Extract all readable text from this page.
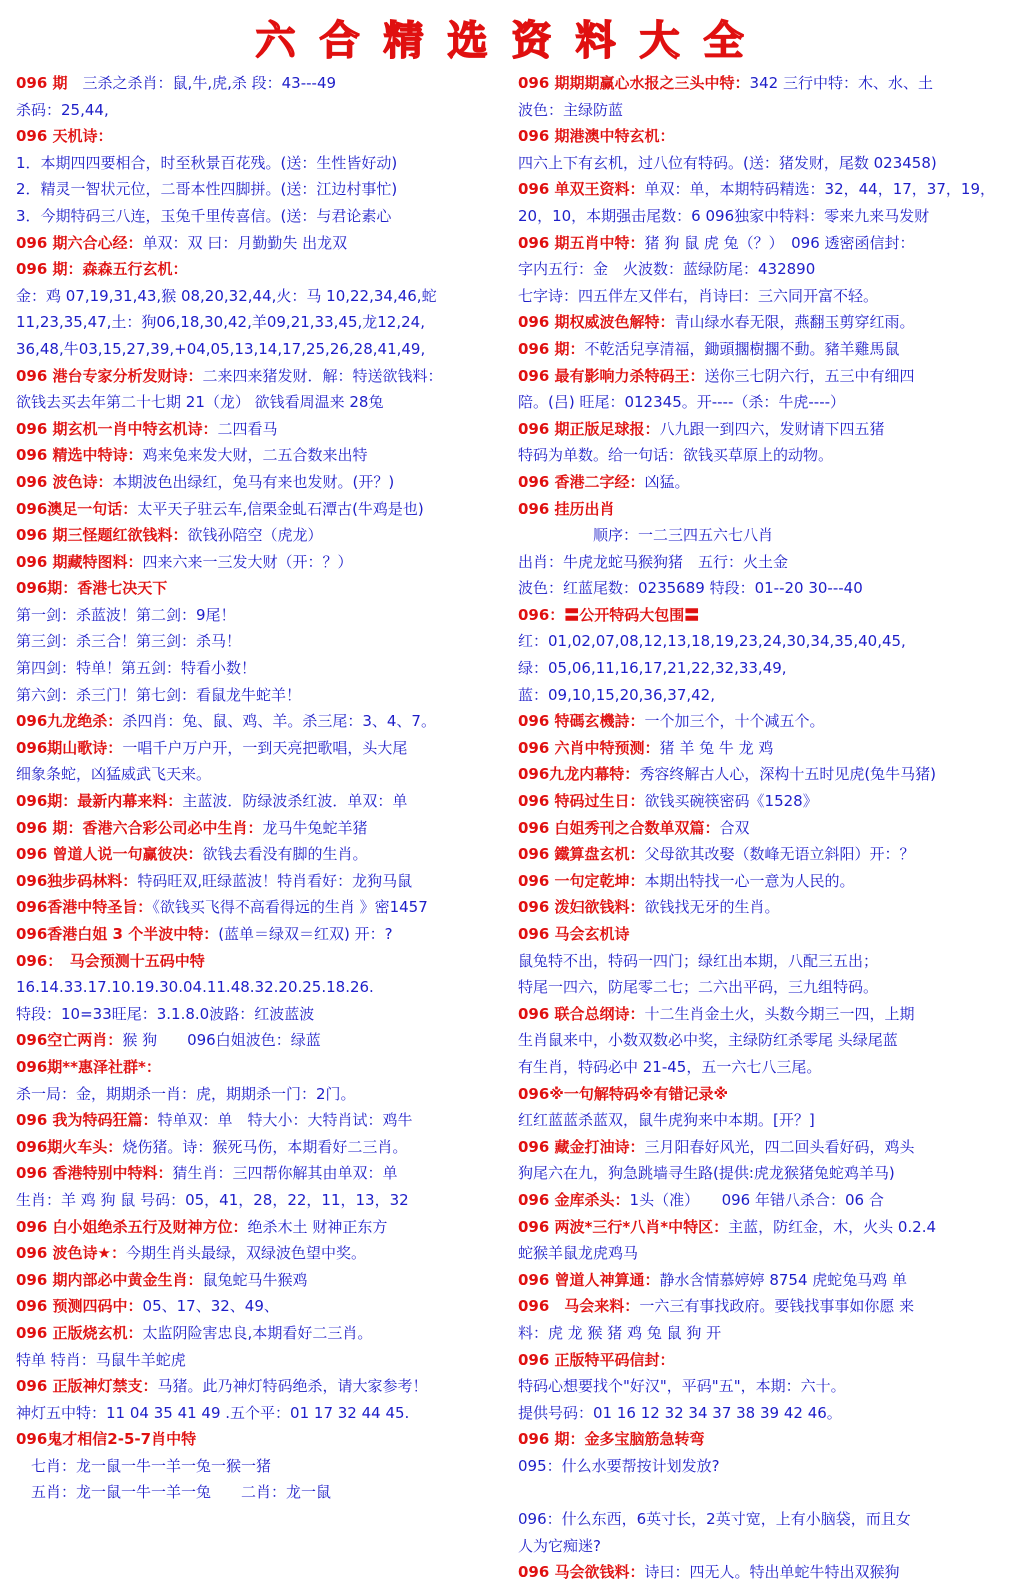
六合精选资料大全
096 期　三杀之杀肖：鼠,牛,虎,杀 段：43---49
杀码：25,44,
096 天机诗：
1．本期四四要相合，时至秋景百花残。(送：生性皆好动)
2．精灵一智状元位，二哥本性四脚拼。(送：江边村事忙)
3．今期特码三八连，玉兔千里传喜信。(送：与君论素心
096 期六合心经：单双：双 曰：月勤勤失 出龙双
096 期：森森五行玄机：
金：鸡 07,19,31,43,猴 08,20,32,44,火：马 10,22,34,46,蛇
11,23,35,47,土：狗06,18,30,42,羊09,21,33,45,龙12,24,
36,48,牛03,15,27,39,+04,05,13,14,17,25,26,28,41,49,
096 港台专家分析发财诗：二来四来猪发财．解：特送欲钱料：
欲钱去买去年第二十七期 21（龙） 欲钱看周温来 28兔
096 期玄机一肖中特玄机诗：二四看马
096 精选中特诗：鸡来兔来发大财，二五合数来出特
096 波色诗：本期波色出绿红，兔马有来也发财。(开？)
096澳足一句话：太平天子驻云车,信栗金虬石潭古(牛鸡是也)
096 期三怪题红欲钱料：欲钱孙陪空（虎龙）
096 期藏特图料：四来六来一三发大财（开：？）
096期：香港七决天下
第一剑：杀蓝波！第二剑：9尾！
第三剑：杀三合！第三剑：杀马！
第四剑：特单！第五剑：特看小数！
第六剑：杀三门！第七剑：看鼠龙牛蛇羊！
096九龙绝杀：杀四肖：兔、鼠、鸡、羊。杀三尾：3、4、7。
096期山歌诗：一唱千户万户开，一到天亮把歌唱，头大尾
细象条蛇，凶猛威武飞天来。
096期：最新内幕来料：主蓝波．防绿波杀红波．单双：单
096 期：香港六合彩公司必中生肖：龙马牛兔蛇羊猪
096 曾道人说一句赢彼决：欲钱去看没有脚的生肖。
096独步码林料：特码旺双,旺绿蓝波！特肖看好：龙狗马鼠
096香港中特圣旨：《欲钱买飞得不高看得远的生肖 》密1457
096香港白姐 3 个半波中特：(蓝单＝绿双＝红双) 开：?
096：　马会预测十五码中特
16.14.33.17.10.19.30.04.11.48.32.20.25.18.26.
特段：10=33旺尾：3.1.8.0波路：红波蓝波
096空亡两肖：猴 狗　　096白姐波色：绿蓝
096期**惠泽社群*：
杀一局：金，期期杀一肖：虎，期期杀一门：2门。
096 我为特码狂篇：特单双：单　特大小：大特肖试：鸡牛
096期火车头：烧伤猪。诗：猴死马伤，本期看好二三肖。
096 香港特别中特料：猜生肖：三四帮你解其由单双：单
生肖：羊 鸡 狗 鼠 号码：05，41，28，22，11，13，32
096 白小姐绝杀五行及财神方位：绝杀木土 财神正东方
096 波色诗★：今期生肖头最绿，双绿波色望中奖。
096 期内部必中黄金生肖：鼠兔蛇马牛猴鸡
096 预测四码中：05、17、32、49、
096 正版烧玄机：太监阴险害忠良,本期看好二三肖。
特单 特肖：马鼠牛羊蛇虎
096 正版神灯禁支：马猪。此乃神灯特码绝杀，请大家参考！
神灯五中特：11 04 35 41 49 .五个平：01 17 32 44 45.
096鬼才相信2-5-7肖中特
　七肖：龙一鼠一牛一羊一兔一猴一猪
　五肖：龙一鼠一牛一羊一兔　　二肖：龙一鼠
096 期期期赢心水报之三头中特：342 三行中特：木、水、土
波色：主绿防蓝
096 期港澳中特玄机：
四六上下有玄机，过八位有特码。(送：猪发财，尾数 023458)
096 单双王资料：单双：单，本期特码精选：32，44，17，37，19，
20，10，本期强击尾数：6 096独家中特料：零来九来马发财
096 期五肖中特：猪 狗 鼠 虎 兔（？）　096 透密函信封：
字内五行：金　火波数：蓝绿防尾：432890
七字诗：四五伴左又伴右，肖诗曰：三六同开富不轻。
096 期权威波色解特：青山绿水春无限，燕翻玉剪穿红雨。
096 期：不乾活兒享清福，鋤頭擱樹擱不動。豬羊雞馬鼠
096 最有影响力杀特码王：送你三七阴六行，五三中有细四
陪。(吕) 旺尾：012345。开----（杀：牛虎----）
096 期正版足球报：八九跟一到四六，发财请下四五猪
特码为单数。给一句话：欲钱买草原上的动物。
096 香港二字经：凶猛。
096 挂历出肖
　　　　　顺序：一二三四五六七八肖
出肖：牛虎龙蛇马猴狗猪　五行：火土金
波色：红蓝尾数：0235689 特段：01--20 30---40
096：〓公开特码大包围〓
红：01,02,07,08,12,13,18,19,23,24,30,34,35,40,45,
绿：05,06,11,16,17,21,22,32,33,49,
蓝：09,10,15,20,36,37,42,
096 特碼玄機詩：一个加三个，十个减五个。
096 六肖中特预测：猪 羊 兔 牛 龙 鸡
096九龙内幕特：秀容终解古人心，深构十五时见虎(兔牛马猪)
096 特码过生日：欲钱买碗筷密码《1528》
096 白姐秀刊之合数单双篇：合双
096 鐵算盘玄机：父母欲其改娶（数峰无语立斜阳）开：？
096 一句定乾坤：本期出特找一心一意为人民的。
096 泼妇欲钱料：欲钱找无牙的生肖。
096 马会玄机诗
鼠兔特不出，特码一四门；绿红出本期，八配三五出；
特尾一四六，防尾零二七；二六出平码，三九组特码。
096 联合总纲诗：十二生肖金土火，头数今期三一四，上期
生肖鼠来中，小数双数必中奖，主绿防红杀零尾 头绿尾蓝
有生肖，特码必中 21-45，五一六七八三尾。
096※一句解特码※有错记录※
红红蓝蓝杀蓝双，鼠牛虎狗来中本期。[开？]
096 藏金打油诗：三月阳春好风光，四二回头看好码，鸡头
狗尾六在九，狗急跳墙寻生路(提供:虎龙猴猪兔蛇鸡羊马)
096 金库杀头：1头（准）　　096 年错八杀合：06 合
096 两波*三行*八肖*中特区：主蓝，防红金，木，火头 0.2.4
蛇猴羊鼠龙虎鸡马
096 曾道人神算通：静水含情慕婷婷 8754 虎蛇兔马鸡 单
096　马会来料：一六三有事找政府。要钱找事事如你愿 来
料：虎 龙 猴 猪 鸡 兔 鼠 狗 开
096 正版特平码信封：
特码心想要找个"好汉"，平码"五"，本期：六十。
提供号码：01 16 12 32 34 37 38 39 42 46。
096 期：金多宝脑筋急转弯
095：什么水要帮按计划发放?
096：什么东西，6英寸长，2英寸宽，上有小脑袋，而且女
人为它痴迷?
096 马会欲钱料：诗曰：四无人。特出单蛇牛特出双猴狗
